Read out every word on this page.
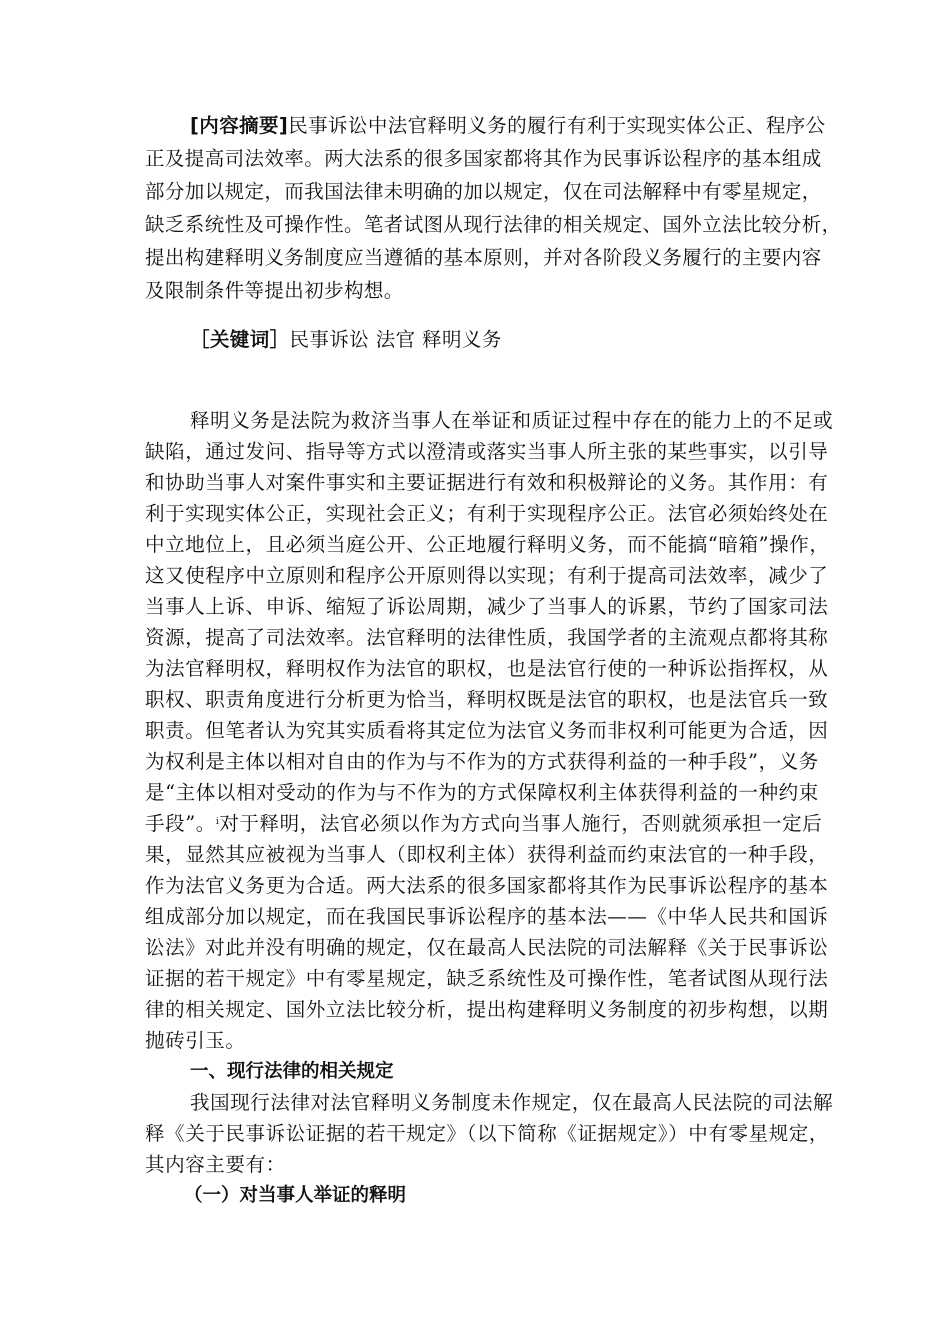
[内容摘要]民事诉讼中法官释明义务的履行有利于实现实体公正、程序公
正及提高司法效率。两大法系的很多国家都将其作为民事诉讼程序的基本组成
部分加以规定，而我国法律未明确的加以规定，仅在司法解释中有零星规定，
缺乏系统性及可操作性。笔者试图从现行法律的相关规定、国外立法比较分析，
提出构建释明义务制度应当遵循的基本原则，并对各阶段义务履行的主要内容
及限制条件等提出初步构想。
［关键词］民事诉讼 法官 释明义务
释明义务是法院为救济当事人在举证和质证过程中存在的能力上的不足或
缺陷，通过发问、指导等方式以澄清或落实当事人所主张的某些事实，以引导
和协助当事人对案件事实和主要证据进行有效和积极辩论的义务。其作用：有
利于实现实体公正，实现社会正义；有利于实现程序公正。法官必须始终处在
中立地位上，且必须当庭公开、公正地履行释明义务，而不能搞“暗箱”操作，
这又使程序中立原则和程序公开原则得以实现；有利于提高司法效率，减少了
当事人上诉、申诉、缩短了诉讼周期，减少了当事人的诉累，节约了国家司法
资源，提高了司法效率。法官释明的法律性质，我国学者的主流观点都将其称
为法官释明权，释明权作为法官的职权，也是法官行使的一种诉讼指挥权，从
职权、职责角度进行分析更为恰当，释明权既是法官的职权，也是法官兵一致
职责。但笔者认为究其实质看将其定位为法官义务而非权利可能更为合适，因
为权利是主体以相对自由的作为与不作为的方式获得利益的一种手段”，义务
是“主体以相对受动的作为与不作为的方式保障权利主体获得利益的一种约束
手段”。$^i$对于释明，法官必须以作为方式向当事人施行，否则就须承担一定后
果，显然其应被视为当事人（即权利主体）获得利益而约束法官的一种手段，
作为法官义务更为合适。两大法系的很多国家都将其作为民事诉讼程序的基本
组成部分加以规定，而在我国民事诉讼程序的基本法——《中华人民共和国诉
讼法》对此并没有明确的规定，仅在最高人民法院的司法解释《关于民事诉讼
证据的若干规定》中有零星规定，缺乏系统性及可操作性，笔者试图从现行法
律的相关规定、国外立法比较分析，提出构建释明义务制度的初步构想，以期
抛砖引玉。
一、现行法律的相关规定
我国现行法律对法官释明义务制度未作规定，仅在最高人民法院的司法解
释《关于民事诉讼证据的若干规定》（以下简称《证据规定》）中有零星规定，
其内容主要有：
（一）对当事人举证的释明
